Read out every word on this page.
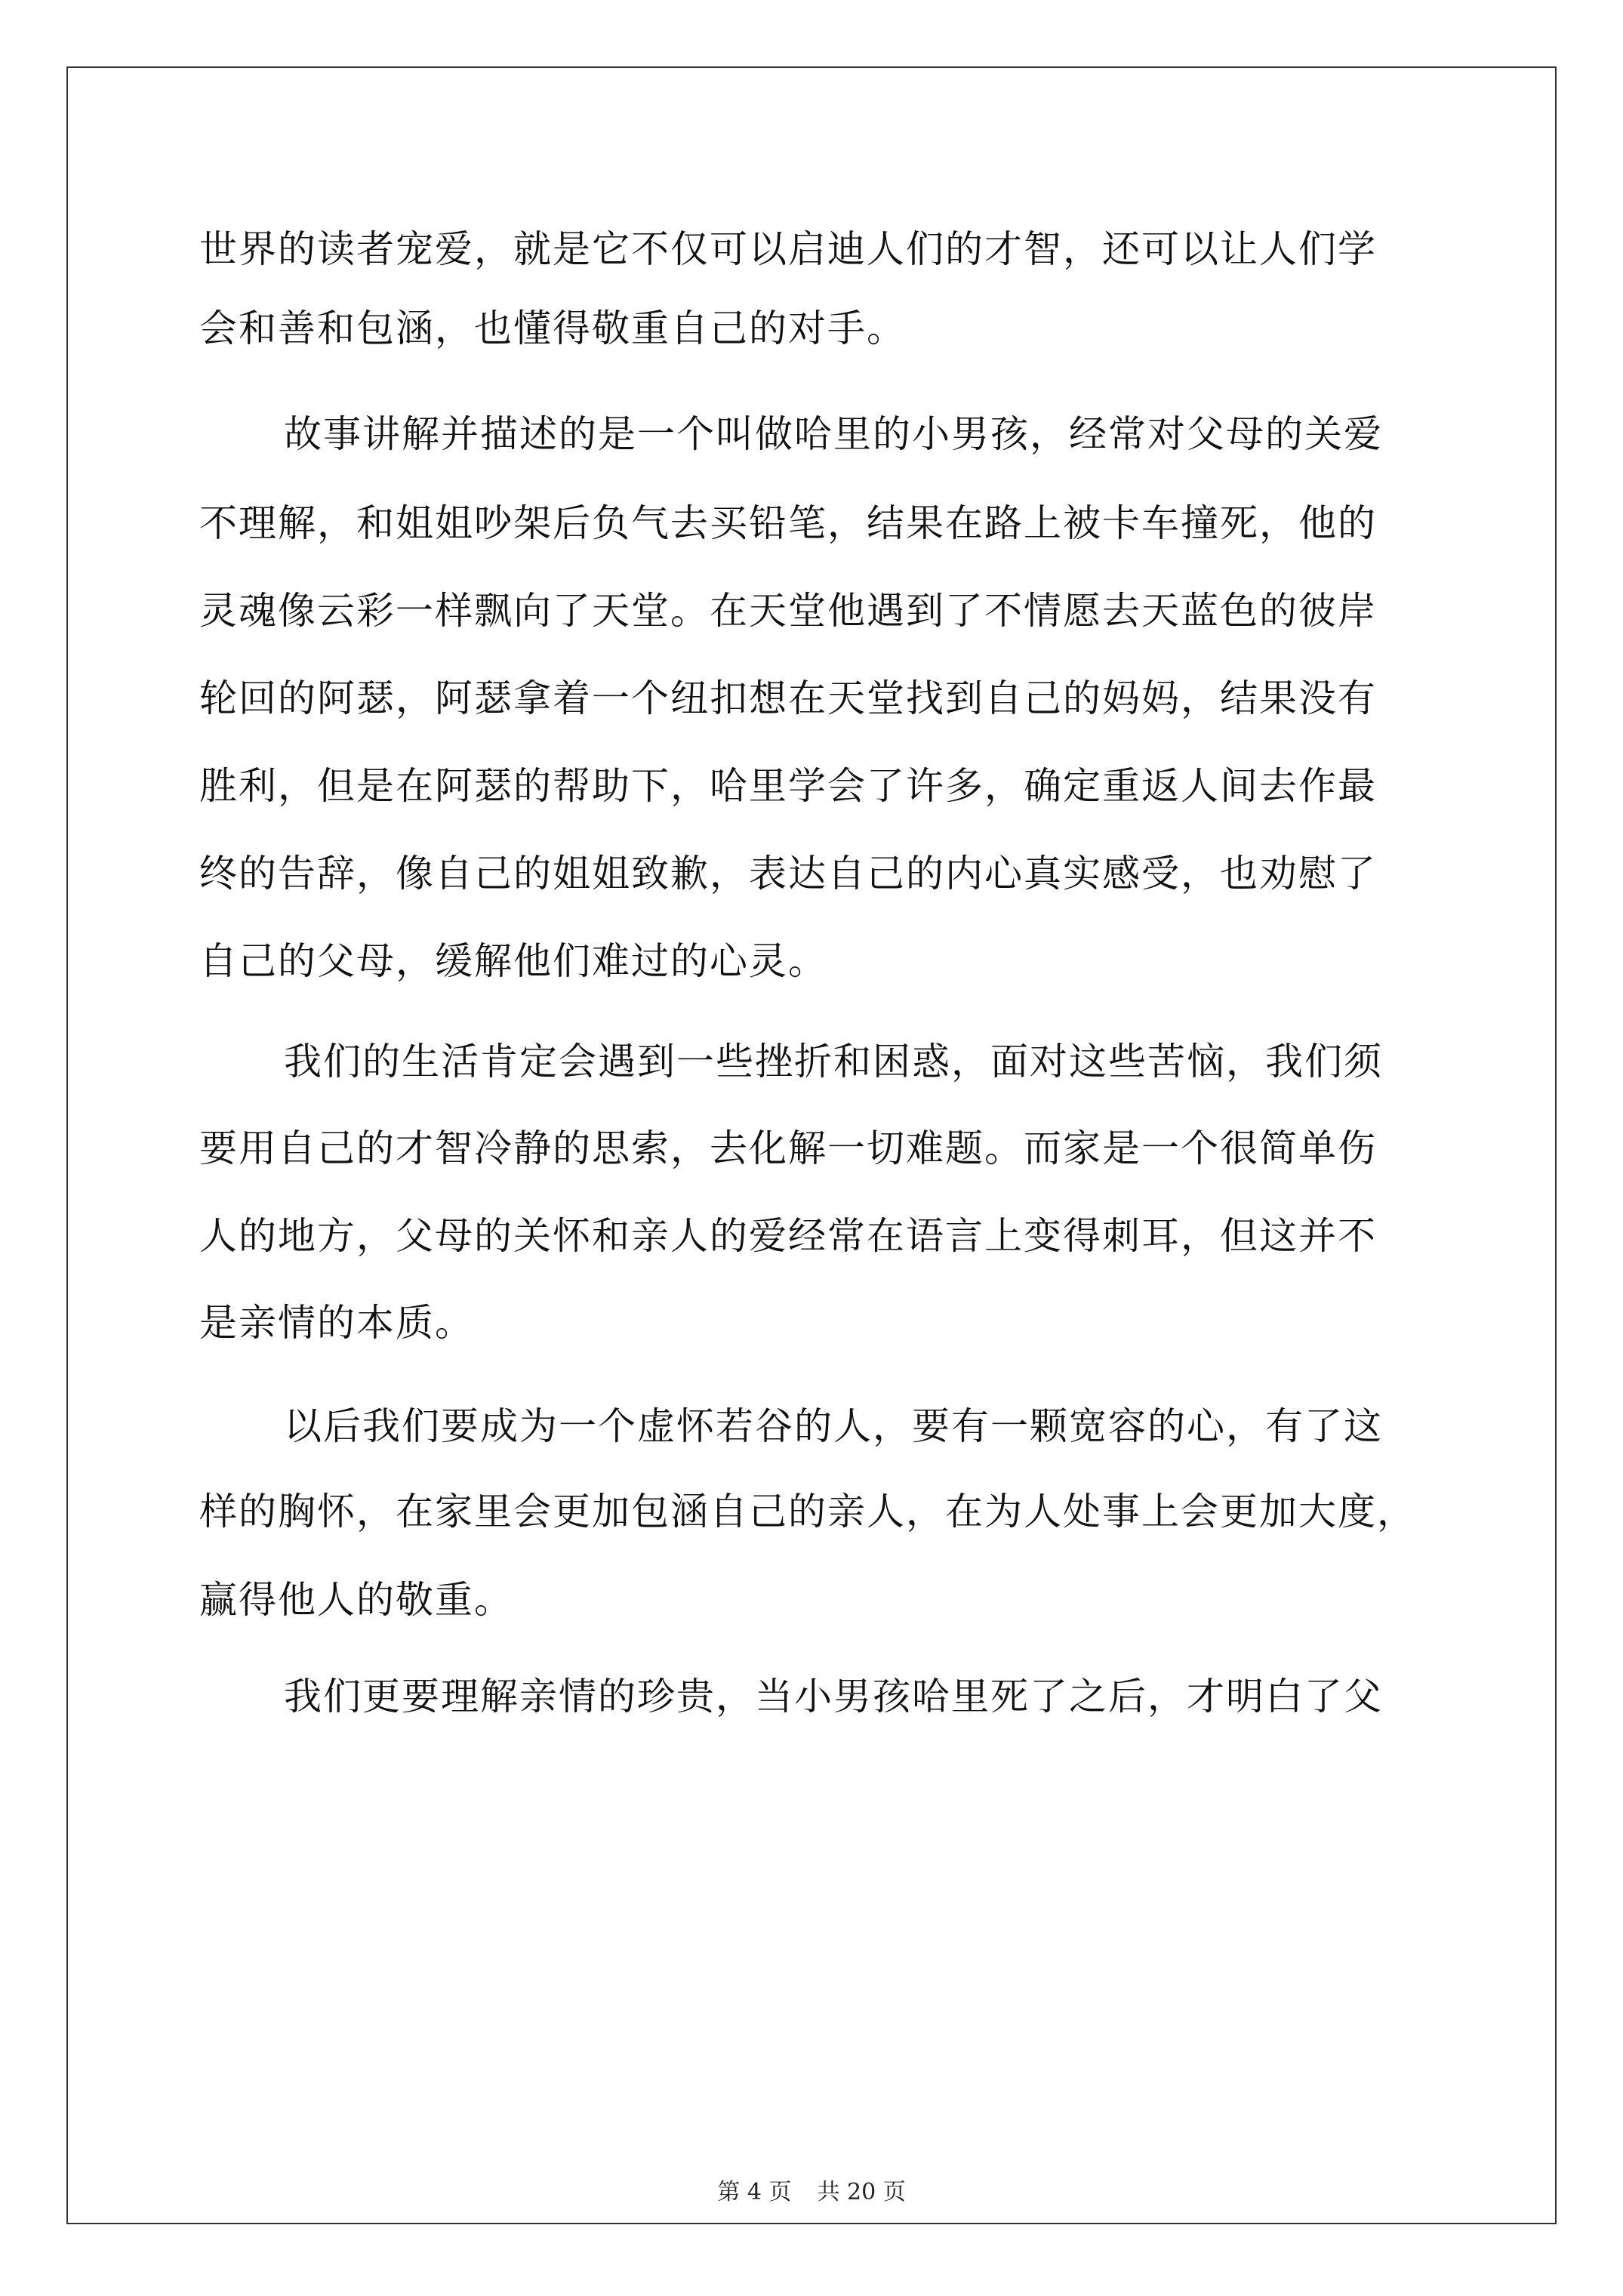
世界的读者宠爱，就是它不仅可以启迪人们的才智，还可以让人们学
会和善和包涵，也懂得敬重自己的对手。
故事讲解并描述的是一个叫做哈里的小男孩，经常对父母的关爱
不理解，和姐姐吵架后负气去买铅笔，结果在路上被卡车撞死，他的
灵魂像云彩一样飘向了天堂。在天堂他遇到了不情愿去天蓝色的彼岸
轮回的阿瑟，阿瑟拿着一个纽扣想在天堂找到自己的妈妈，结果没有
胜利，但是在阿瑟的帮助下，哈里学会了许多，确定重返人间去作最
终的告辞，像自己的姐姐致歉，表达自己的内心真实感受，也劝慰了
自己的父母，缓解他们难过的心灵。
我们的生活肯定会遇到一些挫折和困惑，面对这些苦恼，我们须
要用自己的才智冷静的思索，去化解一切难题。而家是一个很简单伤
人的地方，父母的关怀和亲人的爱经常在语言上变得刺耳，但这并不
是亲情的本质。
以后我们要成为一个虚怀若谷的人，要有一颗宽容的心，有了这
样的胸怀，在家里会更加包涵自己的亲人，在为人处事上会更加大度，
赢得他人的敬重。
我们更要理解亲情的珍贵，当小男孩哈里死了之后，才明白了父
第 4 页 共 20 页
